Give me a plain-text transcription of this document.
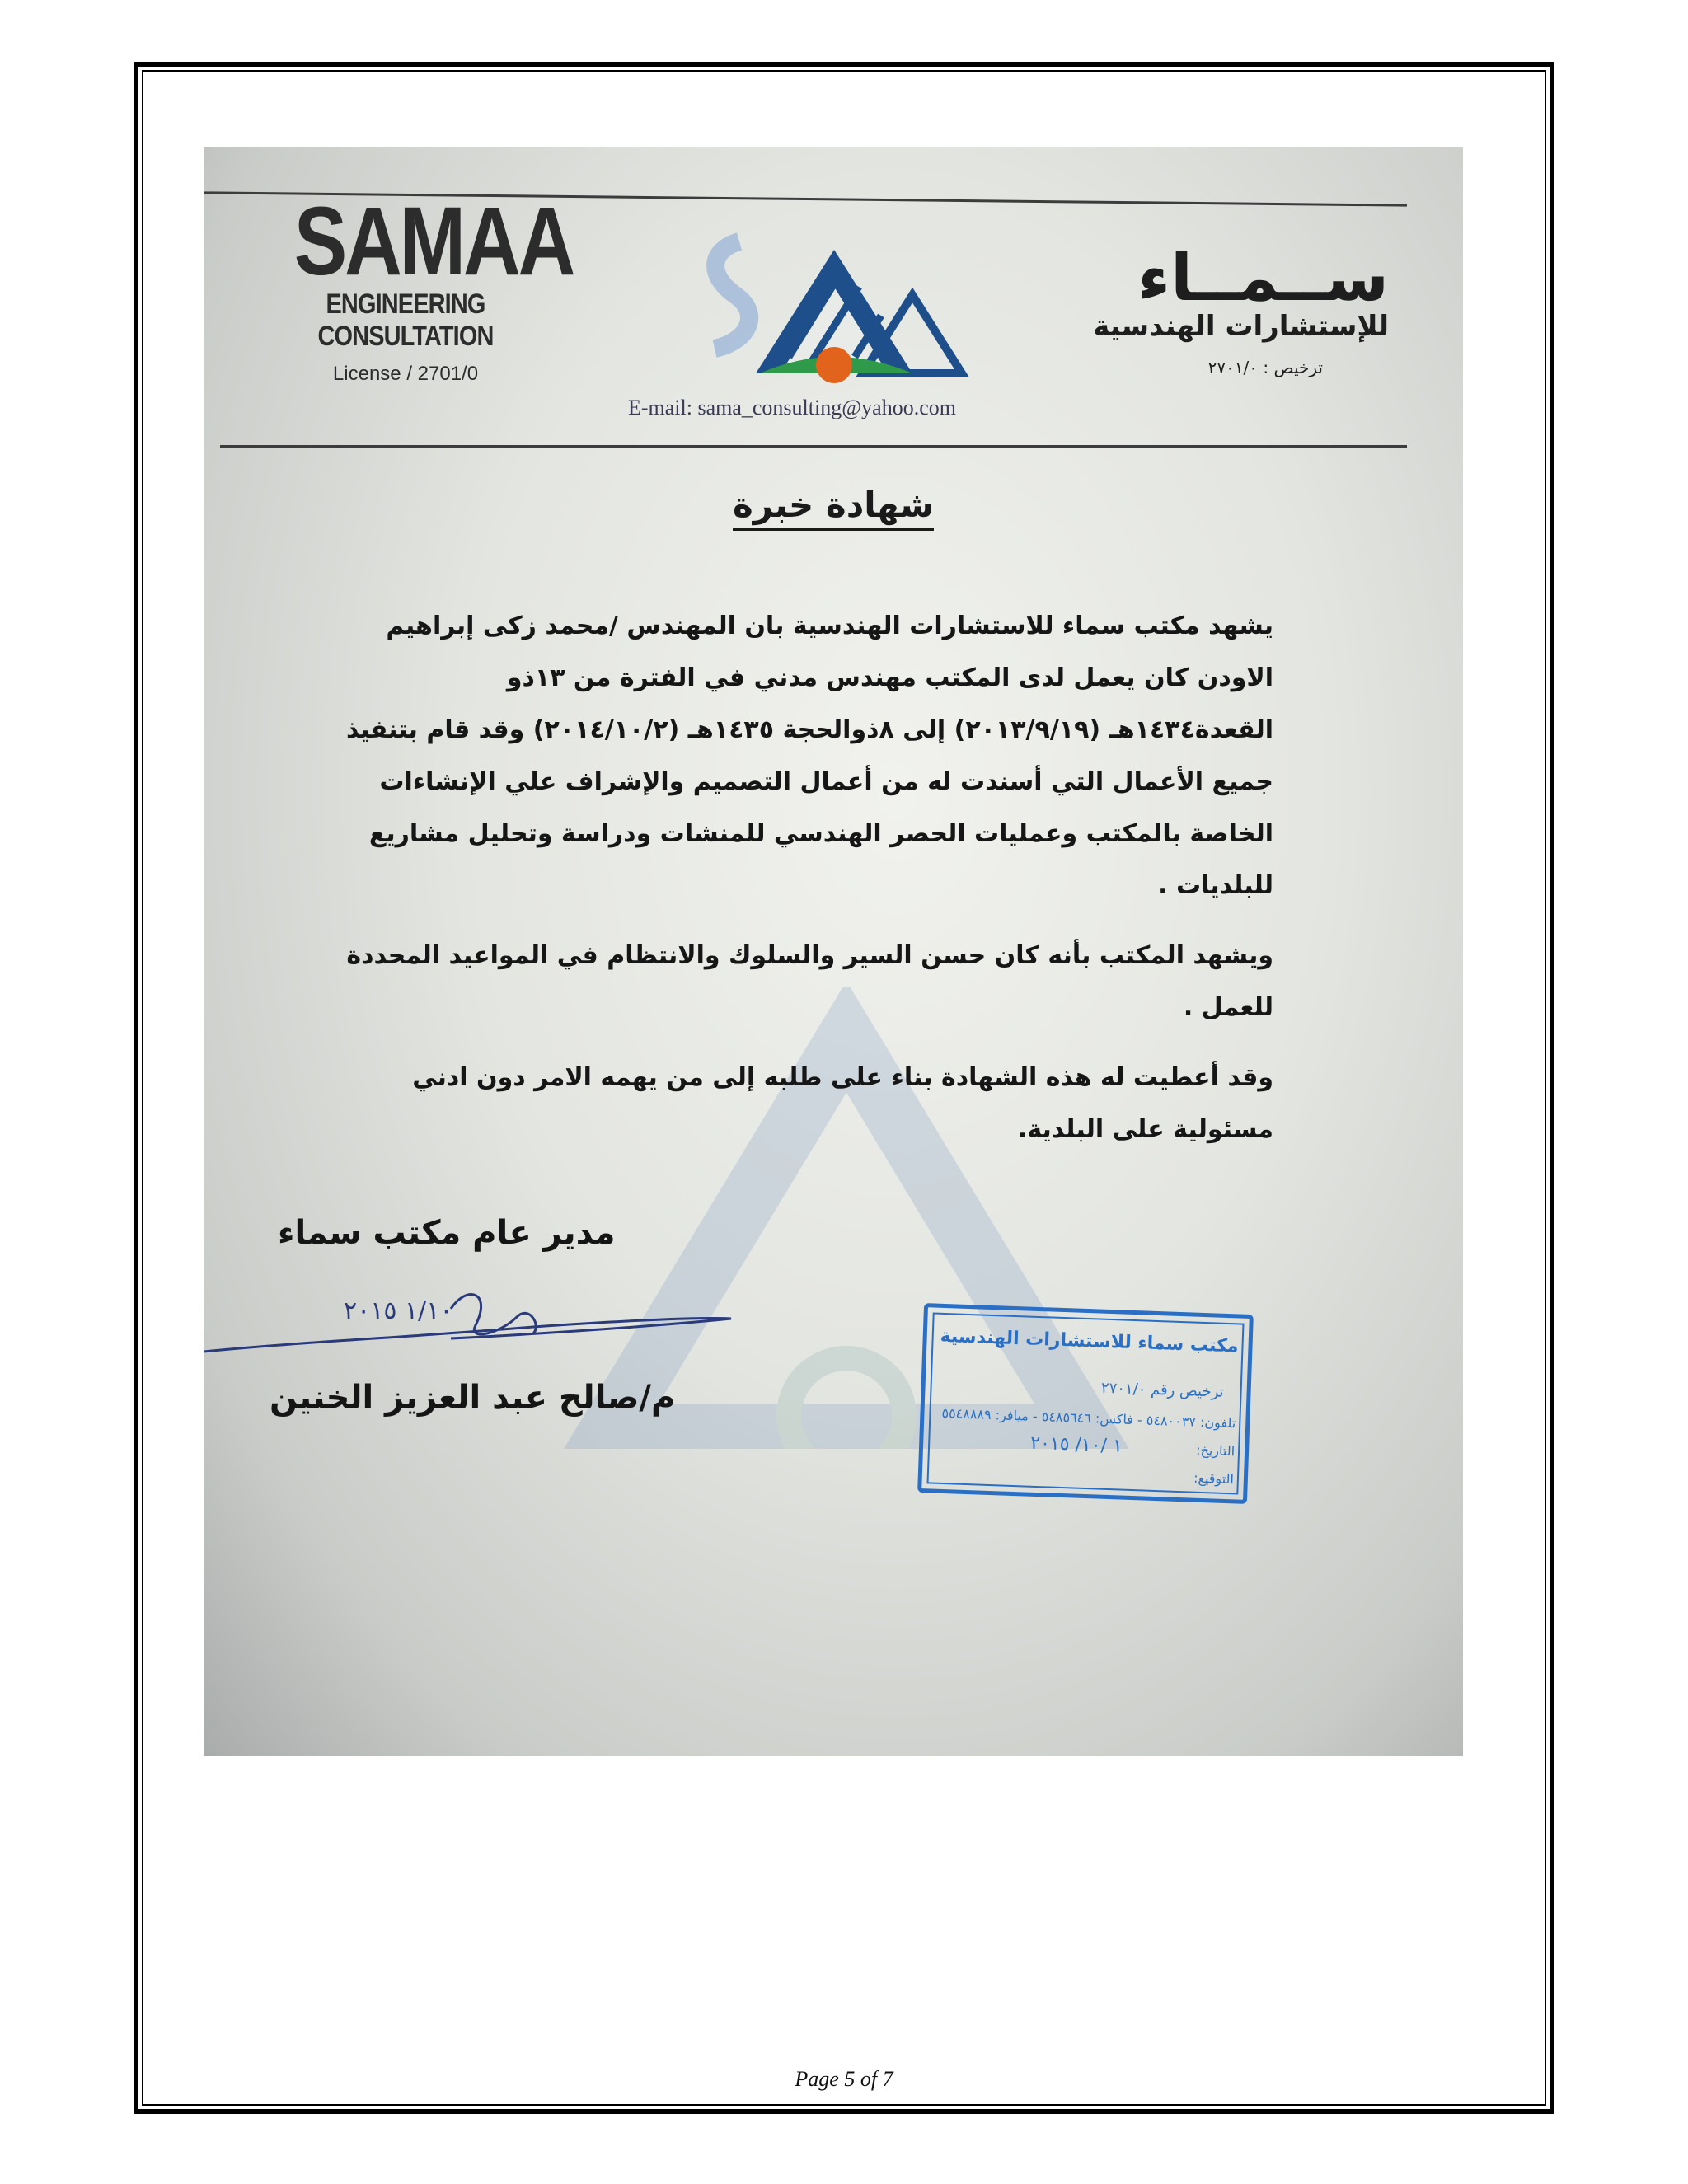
SAMAA
ENGINEERING CONSULTATION
License / 2701/0
ســمــاء
للإستشارات الهندسية
ترخيص : ٢٧٠١/٠
E-mail: sama_consulting@yahoo.com
شهادة خبرة

يشهد مكتب سماء للاستشارات الهندسية بان المهندس /محمد زكى إبراهيم الاودن كان يعمل لدى المكتب مهندس مدني في الفترة من ١٣ذو القعدة١٤٣٤هـ (٢٠١٣/٩/١٩) إلى ٨ذوالحجة ١٤٣٥هـ (٢٠١٤/١٠/٢) وقد قام بتنفيذ جميع الأعمال التي أسندت له من أعمال التصميم والإشراف علي الإنشاءات الخاصة بالمكتب وعمليات الحصر الهندسي للمنشات ودراسة وتحليل مشاريع للبلديات .

ويشهد المكتب بأنه كان حسن السير والسلوك والانتظام في المواعيد المحددة للعمل .

وقد أعطيت له هذه الشهادة بناء على طلبه إلى من يهمه الامر دون ادني مسئولية على البلدية.

مدير عام مكتب سماء
١/١٠ ٢٠١٥
م/صالح عبد العزيز الخنين
مكتب سماء للاستشارات الهندسية
ترخيص رقم ٢٧٠١/٠
تلفون: ٥٤٨٠٠٣٧ - فاكس: ٥٤٨٥٦٤٦ - ميافر: ٥٥٤٨٨٨٩
التاريخ:
١ /١٠/ ٢٠١٥
التوقيع:
Page 5 of 7
